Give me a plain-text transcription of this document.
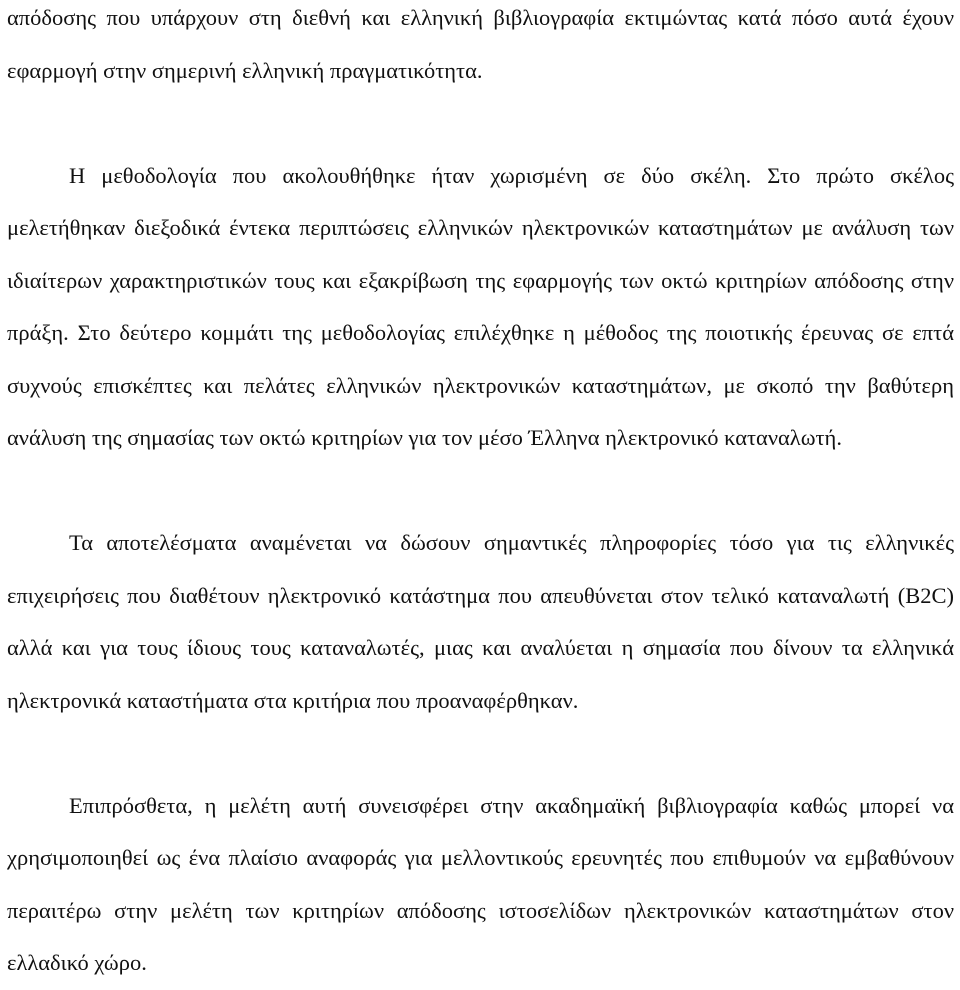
απόδοσης που υπάρχουν στη διεθνή και ελληνική βιβλιογραφία εκτιμώντας κατά πόσο αυτά έχουν εφαρμογή στην σημερινή ελληνική πραγματικότητα.

Η μεθοδολογία που ακολουθήθηκε ήταν χωρισμένη σε δύο σκέλη. Στο πρώτο σκέλος μελετήθηκαν διεξοδικά έντεκα περιπτώσεις ελληνικών ηλεκτρονικών καταστημάτων με ανάλυση των ιδιαίτερων χαρακτηριστικών τους και εξακρίβωση της εφαρμογής των οκτώ κριτηρίων απόδοσης στην πράξη. Στο δεύτερο κομμάτι της μεθοδολογίας επιλέχθηκε η μέθοδος της ποιοτικής έρευνας σε επτά συχνούς επισκέπτες και πελάτες ελληνικών ηλεκτρονικών καταστημάτων, με σκοπό την βαθύτερη ανάλυση της σημασίας των οκτώ κριτηρίων για τον μέσο Έλληνα ηλεκτρονικό καταναλωτή.

Τα αποτελέσματα αναμένεται να δώσουν σημαντικές πληροφορίες τόσο για τις ελληνικές επιχειρήσεις που διαθέτουν ηλεκτρονικό κατάστημα που απευθύνεται στον τελικό καταναλωτή (Β2C) αλλά και για τους ίδιους τους καταναλωτές, μιας και αναλύεται η σημασία που δίνουν τα ελληνικά ηλεκτρονικά καταστήματα στα κριτήρια που προαναφέρθηκαν.

Επιπρόσθετα, η μελέτη αυτή συνεισφέρει στην ακαδημαϊκή βιβλιογραφία καθώς μπορεί να χρησιμοποιηθεί ως ένα πλαίσιο αναφοράς για μελλοντικούς ερευνητές που επιθυμούν να εμβαθύνουν περαιτέρω στην μελέτη των κριτηρίων απόδοσης ιστοσελίδων ηλεκτρονικών καταστημάτων στον ελλαδικό χώρο.
